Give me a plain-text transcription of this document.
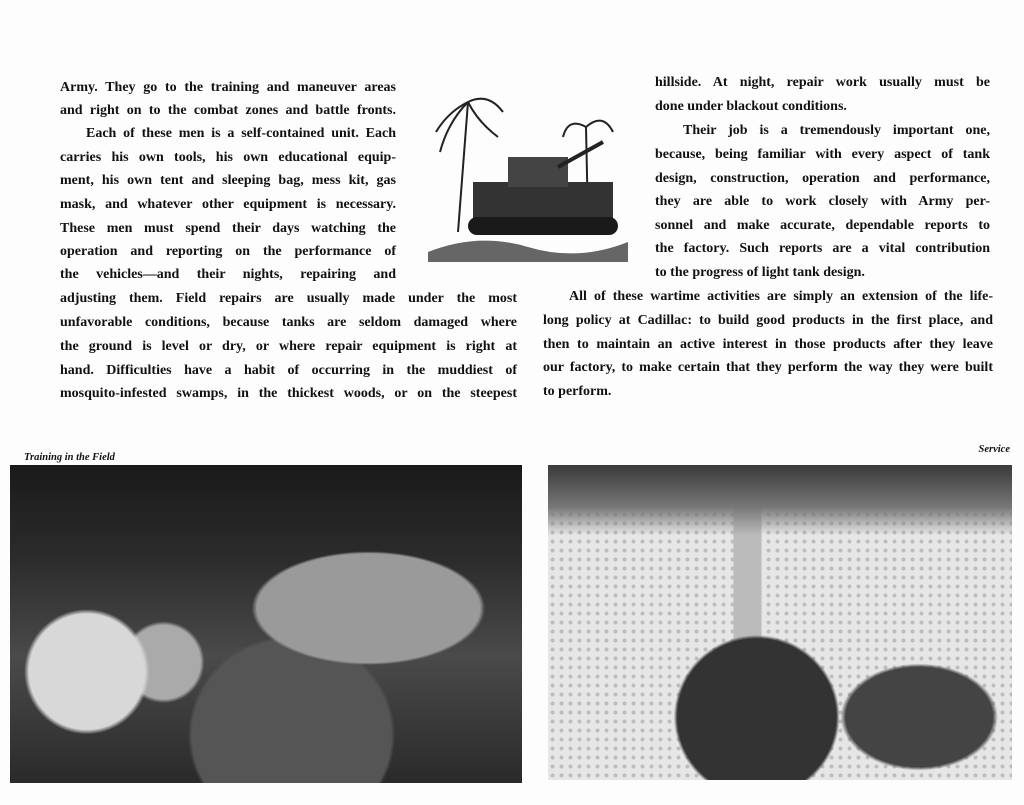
Training in the Field
Service
Army. They go to the training and maneuver areas
and right on to the combat zones and battle fronts.
Each of these men is a self-contained unit. Each
carries his own tools, his own educational equip-
ment, his own tent and sleeping bag, mess kit, gas
mask, and whatever other equipment is necessary.
These men must spend their days watching the
operation and reporting on the performance of
the vehicles—and their nights, repairing and
adjusting them. Field repairs are usually made under the most
unfavorable conditions, because tanks are seldom damaged where
the ground is level or dry, or where repair equipment is right at
hand. Difficulties have a habit of occurring in the muddiest of
mosquito-infested swamps, in the thickest woods, or on the steepest
hillside. At night, repair work usually must be
done under blackout conditions.
Their job is a tremendously important one,
because, being familiar with every aspect of tank
design, construction, operation and performance,
they are able to work closely with Army per-
sonnel and make accurate, dependable reports to
the factory. Such reports are a vital contribution
to the progress of light tank design.
All of these wartime activities are simply an extension of the life-
long policy at Cadillac: to build good products in the first place, and
then to maintain an active interest in those products after they leave
our factory, to make certain that they perform the way they were built
to perform.
